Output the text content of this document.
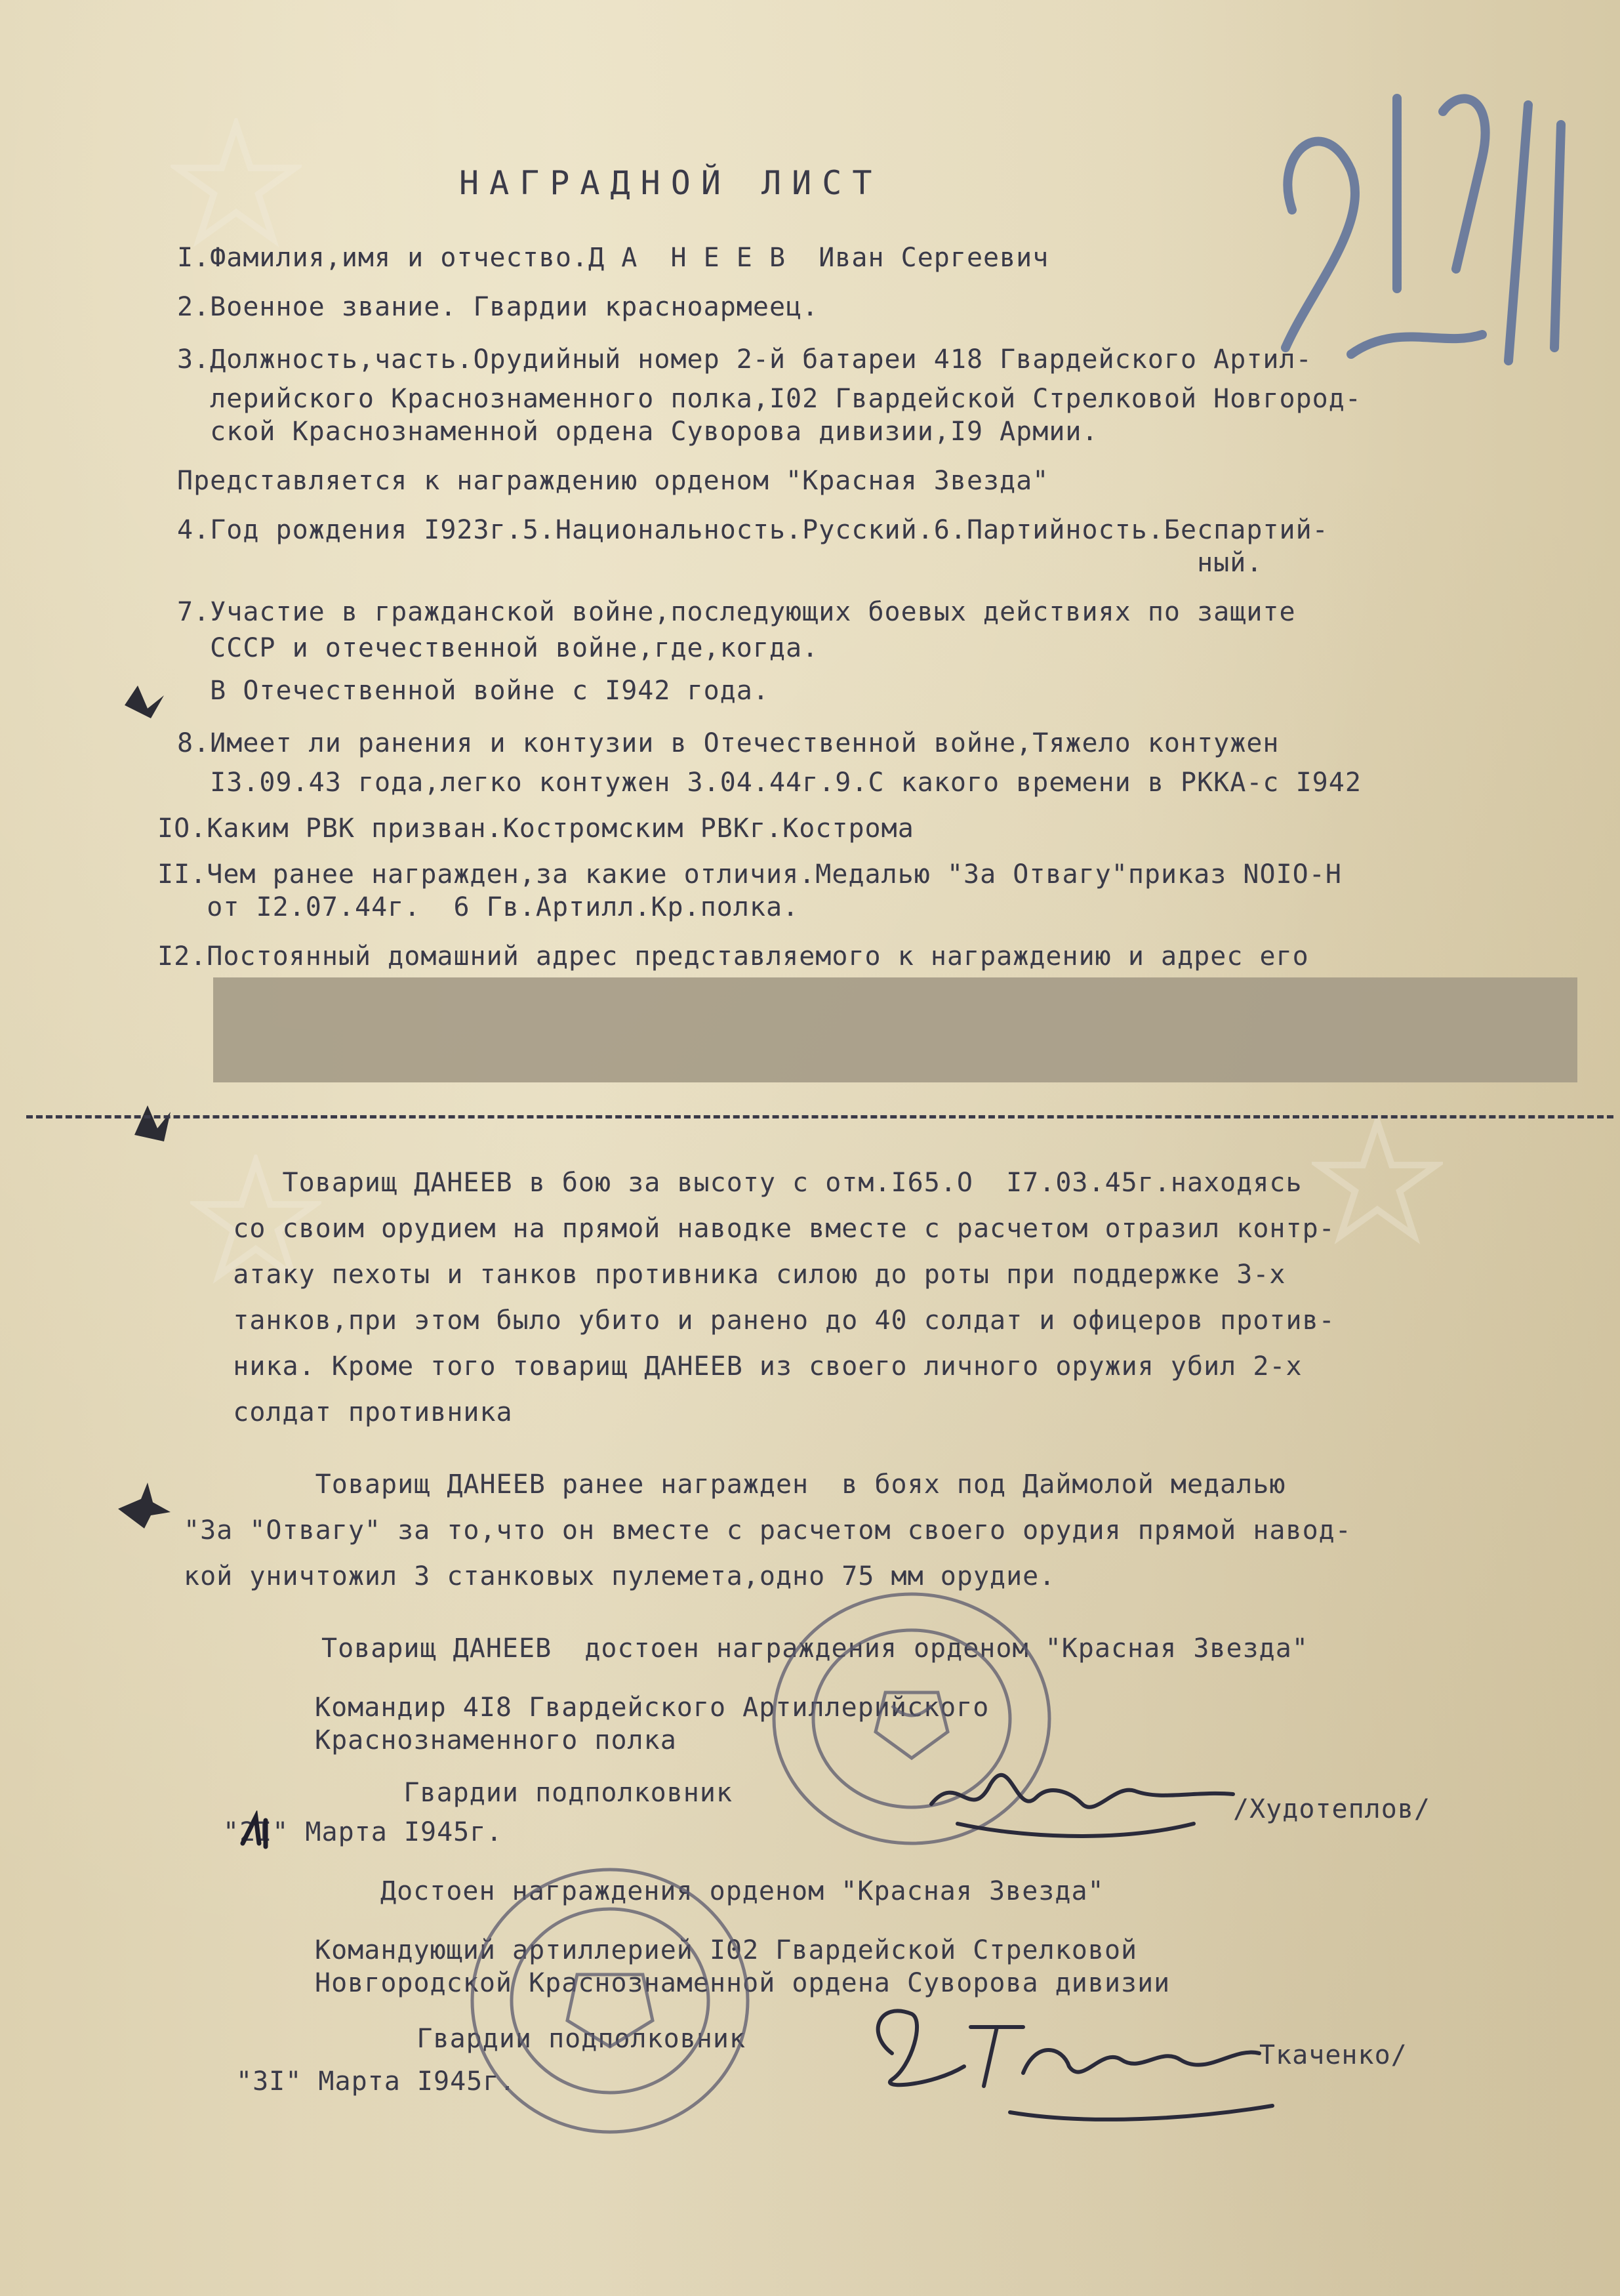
НАГРАДНОЙ ЛИСТ
I.Фамилия,имя и отчество.Д А  Н Е Е В  Иван Сергеевич
2.Военное звание. Гвардии красноармеец.
3.Должность,часть.Орудийный номер 2-й батареи 418 Гвардейского Артил-
лерийского Краснознаменного полка,I02 Гвардейской Стрелковой Новгород-
ской Краснознаменной ордена Суворова дивизии,I9 Армии.
Представляется к награждению орденом "Красная Звезда"
4.Год рождения I923г.5.Национальность.Русский.6.Партийность.Беспартий-
ный.
7.Участие в гражданской войне,последующих боевых действиях по защите
СССР и отечественной войне,где,когда.
В Отечественной войне с I942 года.
8.Имеет ли ранения и контузии в Отечественной войне,Тяжело контужен
I3.09.43 года,легко контужен 3.04.44г.9.С какого времени в РККА-с I942
IO.Каким РВК призван.Костромским РВКг.Кострома
II.Чем ранее награжден,за какие отличия.Медалью "За Отвагу"приказ NОIO-Н
от I2.07.44г.  6 Гв.Артилл.Кр.полка.
I2.Постоянный домашний адрес представляемого к награждению и адрес его
Товарищ ДАНЕЕВ в бою за высоту с отм.I65.O  I7.03.45г.находясь
со своим орудием на прямой наводке вместе с расчетом отразил контр-
атаку пехоты и танков противника силою до роты при поддержке 3-х
танков,при этом было убито и ранено до 40 солдат и офицеров против-
ника. Кроме того товарищ ДАНЕЕВ из своего личного оружия убил 2-х
солдат противника
Товарищ ДАНЕЕВ ранее награжден  в боях под Даймолой медалью
"За "Отвагу" за то,что он вместе с расчетом своего орудия прямой навод-
кой уничтожил 3 станковых пулемета,одно 75 мм орудие.
Товарищ ДАНЕЕВ  достоен награждения орденом "Красная Звезда"
Командир 4I8 Гвардейского Артиллерийского
Краснознаменного полка
Гвардии подполковник
"2I" Марта I945г.
/Худотеплов/
Достоен награждения орденом "Красная Звезда"
Командующий артиллерией I02 Гвардейской Стрелковой
Новгородской Краснознаменной ордена Суворова дивизии
Гвардии подполковник
"3I" Марта I945г.
Ткаченко/
